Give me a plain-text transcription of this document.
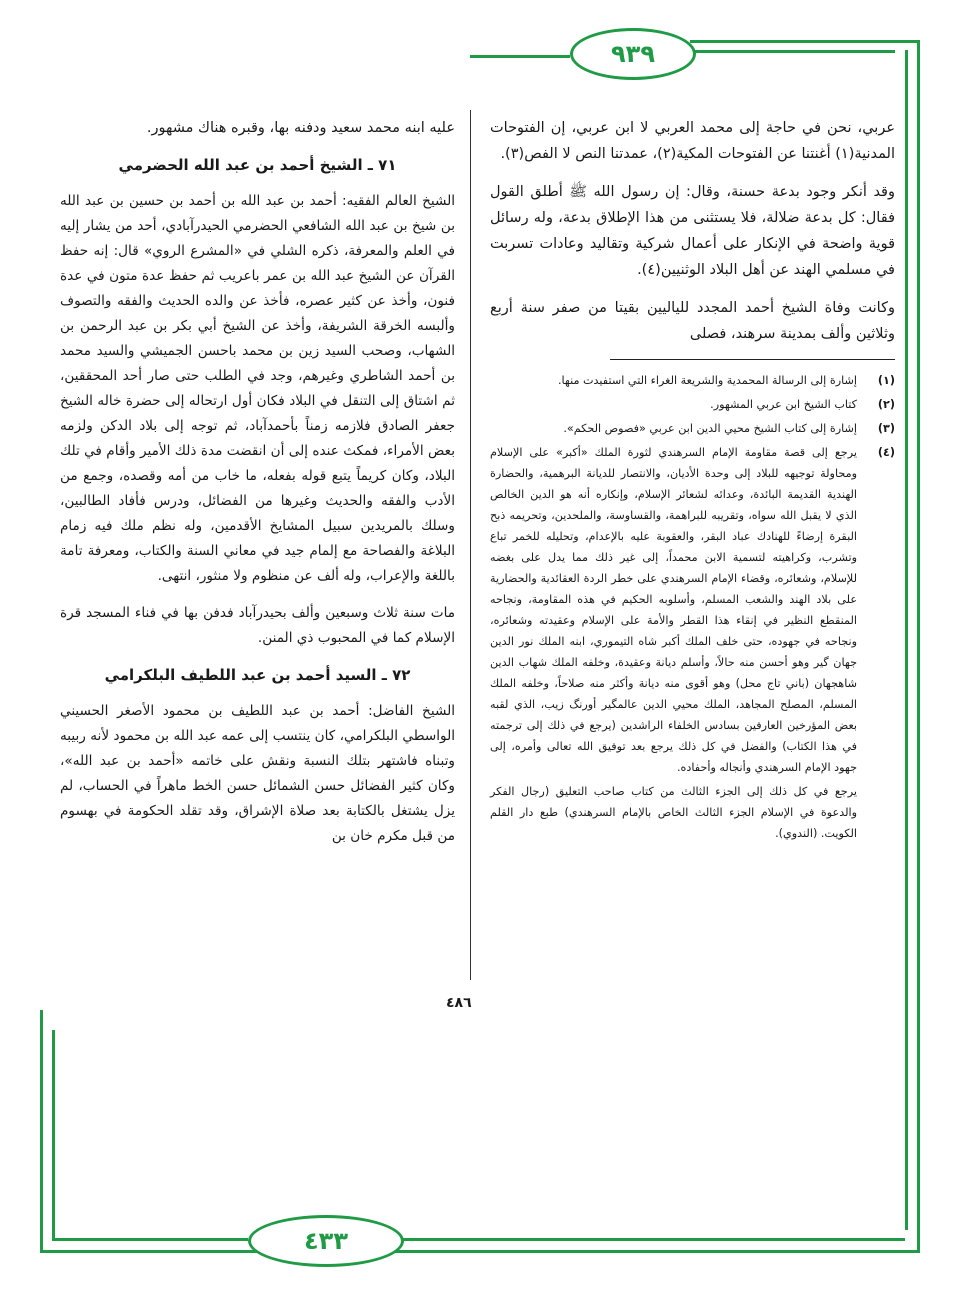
٩٣٩
٤٣٣

عربي، نحن في حاجة إلى محمد العربي لا ابن عربي، إن الفتوحات المدنية(١) أغنتنا عن الفتوحات المكية(٢)، عمدتنا النص لا الفص(٣).

وقد أنكر وجود بدعة حسنة، وقال: إن رسول الله ﷺ أطلق القول فقال: كل بدعة ضلالة، فلا يستثنى من هذا الإطلاق بدعة، وله رسائل قوية واضحة في الإنكار على أعمال شركية وتقاليد وعادات تسربت في مسلمي الهند عن أهل البلاد الوثنيين(٤).

وكانت وفاة الشيخ أحمد المجدد للياليين بقيتا من صفر سنة أربع وثلاثين وألف بمدينة سرهند، فصلى

(١)
إشارة إلى الرسالة المحمدية والشريعة الغراء التي استفيدت منها.
(٢)
كتاب الشيخ ابن عربي المشهور.
(٣)
إشارة إلى كتاب الشيخ محيي الدين ابن عربي «فصوص الحكم».
(٤)
يرجع إلى قصة مقاومة الإمام السرهندي لثورة الملك «أكبر» على الإسلام ومحاولة توجيهه للبلاد إلى وحدة الأديان، والانتصار للديانة البرهمية، والحضارة الهندية القديمة البائدة، وعدائه لشعائر الإسلام، وإنكاره أنه هو الدين الخالص الذي لا يقبل الله سواه، وتقريبه للبراهمة، والقساوسة، والملحدين، وتحريمه ذبح البقرة إرضاءً للهنادك عباد البقر، والعقوبة عليه بالإعدام، وتحليله للخمر تباع وتشرب، وكراهيته لتسمية الابن محمداً، إلى غير ذلك مما يدل على بغضه للإسلام، وشعائره، وقضاء الإمام السرهندي على خطر الردة العقائدية والحضارية على بلاد الهند والشعب المسلم، وأسلوبه الحكيم في هذه المقاومة، ونجاحه المنقطع النظير في إنقاء هذا القطر والأمة على الإسلام وعقيدته وشعائره، ونجاحه في جهوده، حتى خلف الملك أكبر شاه التيموري، ابنه الملك نور الدين جهان گير وهو أحسن منه حالاً، وأسلم ديانة وعقيدة، وخلفه الملك شهاب الدين شاهجهان (باني تاج محل) وهو أقوى منه ديانة وأكثر منه صلاحاً، وخلفه الملك المسلم، المصلح المجاهد، الملك محيي الدين عالمگير أورنگ زيب، الذي لقبه بعض المؤرخين العارفين بسادس الخلفاء الراشدين (يرجع في ذلك إلى ترجمته في هذا الكتاب) والفضل في كل ذلك يرجع بعد توفيق الله تعالى وأمره، إلى جهود الإمام السرهندي وأنجاله وأحفاده.
يرجع في كل ذلك إلى الجزء الثالث من كتاب صاحب التعليق (رجال الفكر والدعوة في الإسلام الجزء الثالث الخاص بالإمام السرهندي) طبع دار القلم الكويت. (الندوي).

عليه ابنه محمد سعيد ودفنه بها، وقبره هناك مشهور.

٧١ ـ الشيخ أحمد بن عبد الله الحضرمي

الشيخ العالم الفقيه: أحمد بن عبد الله بن أحمد بن حسين بن عبد الله بن شيخ بن عبد الله الشافعي الحضرمي الحيدرآبادي، أحد من يشار إليه في العلم والمعرفة، ذكره الشلي في «المشرع الروي» قال: إنه حفظ القرآن عن الشيخ عبد الله بن عمر باعريب ثم حفظ عدة متون في عدة فنون، وأخذ عن كثير عصره، فأخذ عن والده الحديث والفقه والتصوف وألبسه الخرقة الشريفة، وأخذ عن الشيخ أبي بكر بن عبد الرحمن بن الشهاب، وصحب السيد زين بن محمد باحسن الجميشي والسيد محمد بن أحمد الشاطري وغيرهم، وجد في الطلب حتى صار أحد المحققين، ثم اشتاق إلى التنقل في البلاد فكان أول ارتحاله إلى حضرة خاله الشيخ جعفر الصادق فلازمه زمناً بأحمدآباد، ثم توجه إلى بلاد الدكن ولزمه بعض الأمراء، فمكث عنده إلى أن انقضت مدة ذلك الأمير وأقام في تلك البلاد، وكان كريماً يتبع قوله بفعله، ما خاب من أمه وقصده، وجمع من الأدب والفقه والحديث وغيرها من الفضائل، ودرس فأفاد الطالبين، وسلك بالمريدين سبيل المشايخ الأقدمين، وله نظم ملك فيه زمام البلاغة والفصاحة مع إلمام جيد في معاني السنة والكتاب، ومعرفة تامة باللغة والإعراب، وله ألف عن منظوم ولا منثور، انتهى.

مات سنة ثلاث وسبعين وألف بحيدرآباد فدفن بها في فناء المسجد قرة الإسلام كما في المحبوب ذي المنن.

٧٢ ـ السيد أحمد بن عبد اللطيف البلكرامي

الشيخ الفاضل: أحمد بن عبد اللطيف بن محمود الأصغر الحسيني الواسطي البلكرامي، كان ينتسب إلى عمه عبد الله بن محمود لأنه ربيبه وتبناه فاشتهر بتلك النسبة ونقش على خاتمه «أحمد بن عبد الله»، وكان كثير الفضائل حسن الشمائل حسن الخط ماهراً في الحساب، لم يزل يشتغل بالكتابة بعد صلاة الإشراق، وقد تقلد الحكومة في بهسوم من قبل مكرم خان بن

٤٨٦
